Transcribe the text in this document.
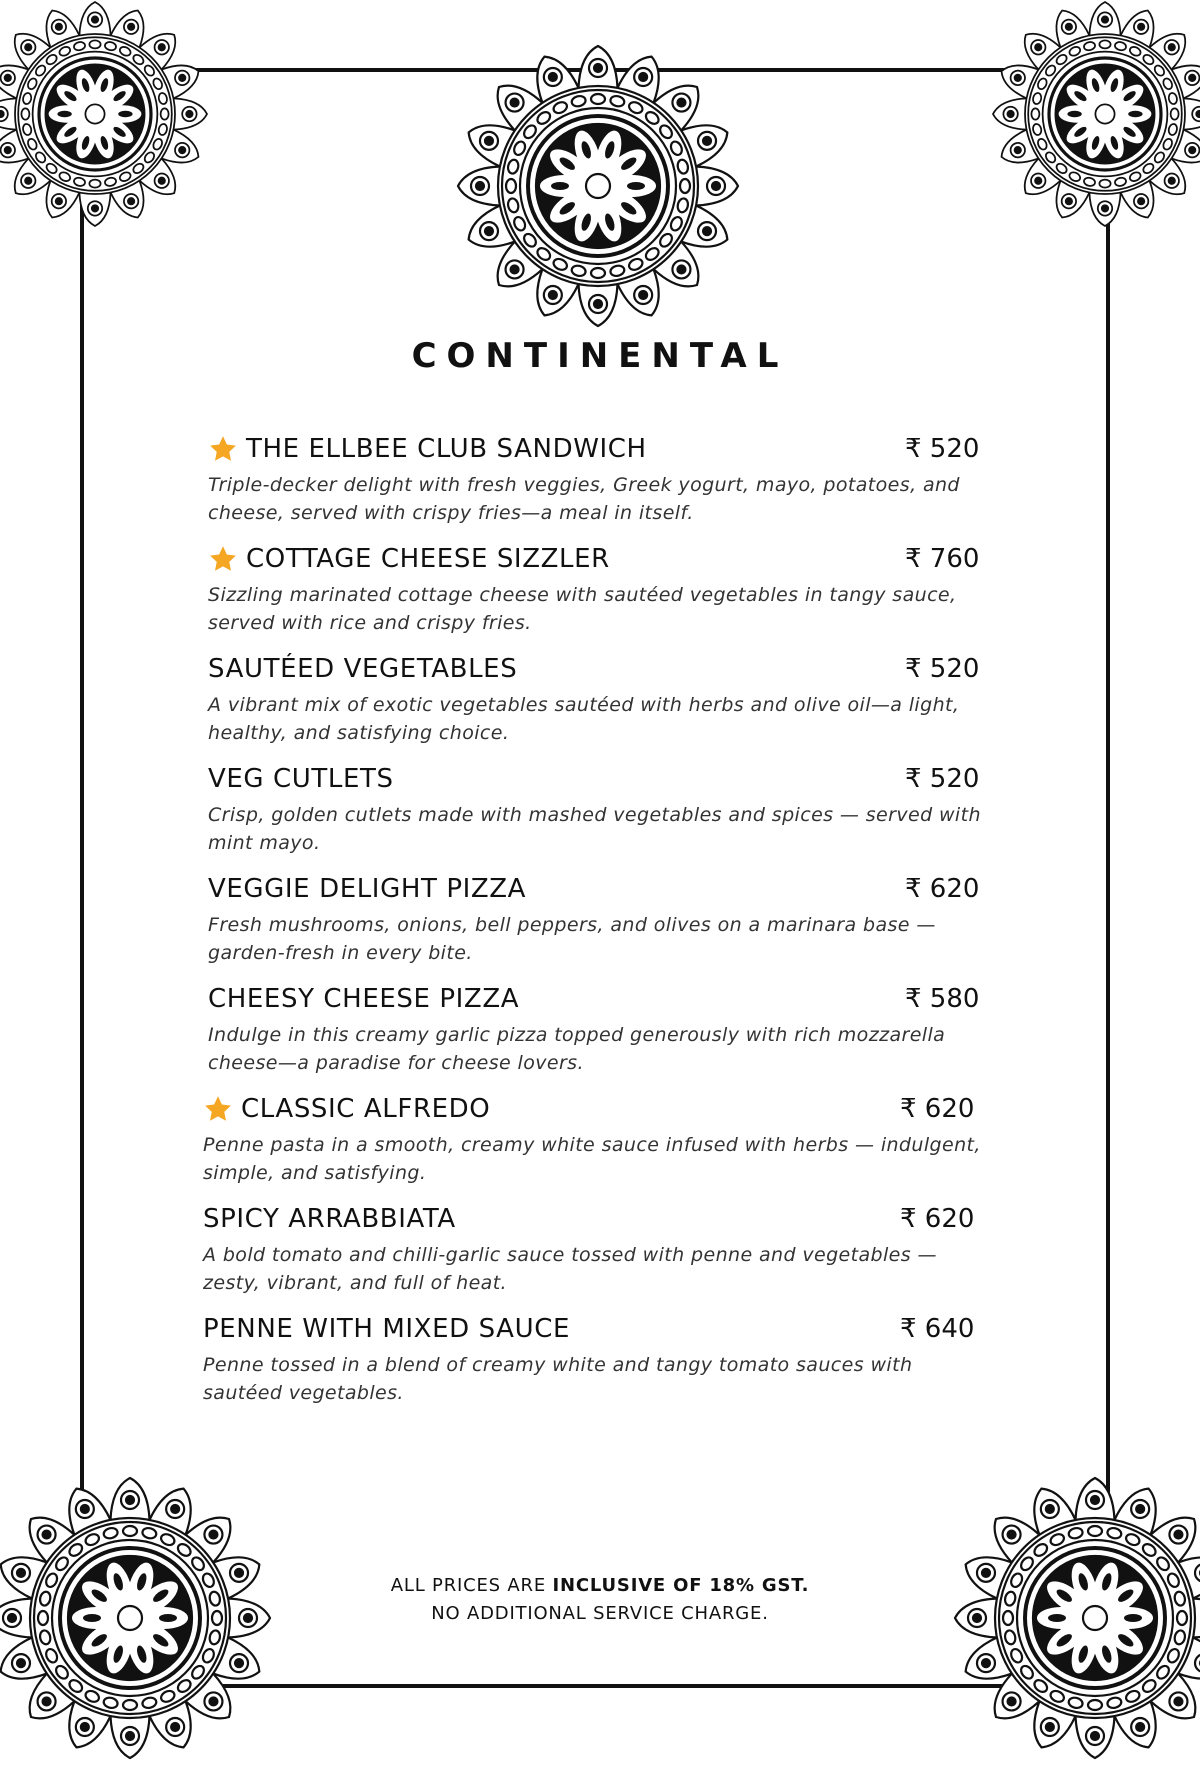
CONTINENTAL
THE ELLBEE CLUB SANDWICH
Triple-decker delight with fresh veggies, Greek yogurt, mayo, potatoes, and cheese, served with crispy fries—a meal in itself.
₹ 520
COTTAGE CHEESE SIZZLER
Sizzling marinated cottage cheese with sautéed vegetables in tangy sauce, served with rice and crispy fries.
₹ 760
SAUTÉED VEGETABLES
A vibrant mix of exotic vegetables sautéed with herbs and olive oil—a light, healthy, and satisfying choice.
₹ 520
VEG CUTLETS
Crisp, golden cutlets made with mashed vegetables and spices — served with mint mayo.
₹ 520
VEGGIE DELIGHT PIZZA
Fresh mushrooms, onions, bell peppers, and olives on a marinara base — garden-fresh in every bite.
₹ 620
CHEESY CHEESE PIZZA
Indulge in this creamy garlic pizza topped generously with rich mozzarella cheese—a paradise for cheese lovers.
₹ 580
CLASSIC ALFREDO
Penne pasta in a smooth, creamy white sauce infused with herbs — indulgent, simple, and satisfying.
₹ 620
SPICY ARRABBIATA
A bold tomato and chilli-garlic sauce tossed with penne and vegetables — zesty, vibrant, and full of heat.
₹ 620
PENNE WITH MIXED SAUCE
Penne tossed in a blend of creamy white and tangy tomato sauces with sautéed vegetables.
₹ 640
ALL PRICES ARE INCLUSIVE OF 18% GST.
NO ADDITIONAL SERVICE CHARGE.
